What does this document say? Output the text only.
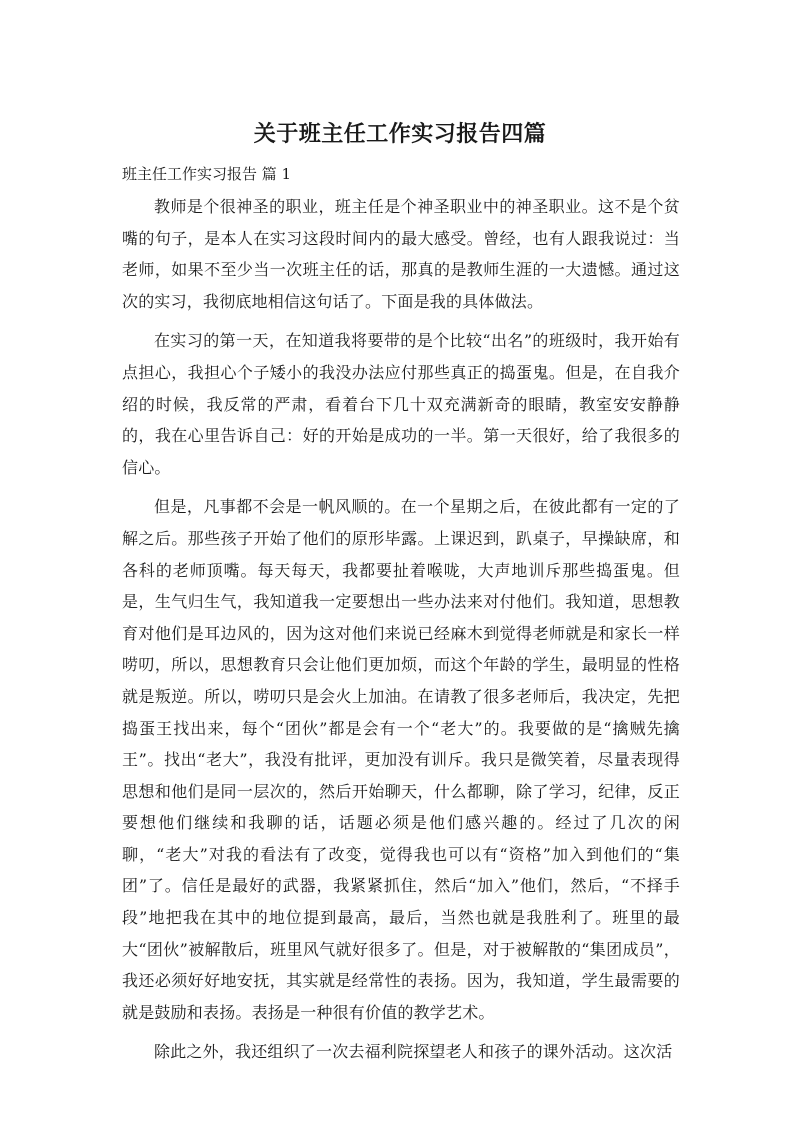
关于班主任工作实习报告四篇
班主任工作实习报告 篇 1

教师是个很神圣的职业，班主任是个神圣职业中的神圣职业。这不是个贫嘴的句子，是本人在实习这段时间内的最大感受。曾经，也有人跟我说过：当老师，如果不至少当一次班主任的话，那真的是教师生涯的一大遗憾。通过这次的实习，我彻底地相信这句话了。下面是我的具体做法。

在实习的第一天，在知道我将要带的是个比较“出名”的班级时，我开始有点担心，我担心个子矮小的我没办法应付那些真正的捣蛋鬼。但是，在自我介绍的时候，我反常的严肃，看着台下几十双充满新奇的眼睛，教室安安静静的，我在心里告诉自己：好的开始是成功的一半。第一天很好，给了我很多的信心。

但是，凡事都不会是一帆风顺的。在一个星期之后，在彼此都有一定的了解之后。那些孩子开始了他们的原形毕露。上课迟到，趴桌子，早操缺席，和各科的老师顶嘴。每天每天，我都要扯着喉咙，大声地训斥那些捣蛋鬼。但是，生气归生气，我知道我一定要想出一些办法来对付他们。我知道，思想教育对他们是耳边风的，因为这对他们来说已经麻木到觉得老师就是和家长一样唠叨，所以，思想教育只会让他们更加烦，而这个年龄的学生，最明显的性格就是叛逆。所以，唠叨只是会火上加油。在请教了很多老师后，我决定，先把捣蛋王找出来，每个“团伙”都是会有一个“老大”的。我要做的是“擒贼先擒王”。找出“老大”，我没有批评，更加没有训斥。我只是微笑着，尽量表现得思想和他们是同一层次的，然后开始聊天，什么都聊，除了学习，纪律，反正要想他们继续和我聊的话，话题必须是他们感兴趣的。经过了几次的闲聊，“老大”对我的看法有了改变，觉得我也可以有“资格”加入到他们的“集团”了。信任是最好的武器，我紧紧抓住，然后“加入”他们，然后，“不择手段”地把我在其中的地位提到最高，最后，当然也就是我胜利了。班里的最大“团伙”被解散后，班里风气就好很多了。但是，对于被解散的“集团成员”，我还必须好好地安抚，其实就是经常性的表扬。因为，我知道，学生最需要的就是鼓励和表扬。表扬是一种很有价值的教学艺术。

除此之外，我还组织了一次去福利院探望老人和孩子的课外活动。这次活
